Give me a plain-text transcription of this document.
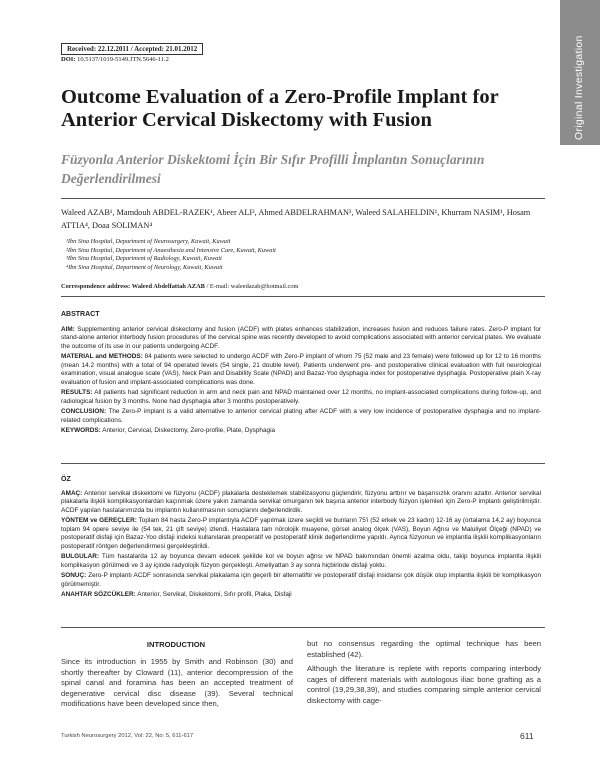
Original Investigation
Received: 22.12.2011 / Accepted: 21.01.2012
DOI: 10.5137/1019-5149.JTN.5646-11.2
Outcome Evaluation of a Zero-Profile Implant for Anterior Cervical Diskectomy with Fusion
Füzyonla Anterior Diskektomi İçin Bir Sıfır Profilli İmplantın Sonuçlarının Değerlendirilmesi
Waleed AZAB¹, Mamdouh ABDEL-RAZEK¹, Abeer ALI², Ahmed ABDELRAHMAN³, Waleed SALAHELDIN¹, Khurram NASIM¹, Hosam ATTIA⁴, Doaa SOLIMAN⁴
¹Ibn Sina Hospital, Department of Neurosurgery, Kuwait, Kuwait
²Ibn Sina Hospital, Department of Anaesthesia and Intensive Care, Kuwait, Kuwait
³Ibn Sina Hospital, Department of Radiology, Kuwait, Kuwait
⁴Ibn Sina Hospital, Department of Neurology, Kuwait, Kuwait
Correspondence address: Waleed Abdelfattah AZAB / E-mail: waleedazab@hotmail.com
ABSTRACT

AIM: Supplementing anterior cervical diskectomy and fusion (ACDF) with plates enhances stabilization, increases fusion and reduces failure rates. Zero-P implant for stand-alone anterior interbody fusion procedures of the cervical spine was recently developed to avoid complications associated with anterior cervical plates. We evaluate the outcome of its use in our patients undergoing ACDF.

MATERIAL and METHODS: 84 patients were selected to undergo ACDF with Zero-P implant of whom 75 (52 male and 23 female) were followed up for 12 to 16 months (mean 14.2 months) with a total of 94 operated levels (54 single, 21 double level). Patients underwent pre- and postoperative clinical evaluation with full neurological examination, visual analogue scale (VAS), Neck Pain and Disability Scale (NPAD) and Bazaz-Yoo dysphagia index for postoperative dysphagia. Postoperative plain X-ray evaluation of fusion and implant-associated complications was done.

RESULTS: All patients had significant reduction in arm and neck pain and NPAD maintained over 12 months, no implant-associated complications during follow-up, and radiological fusion by 3 months. None had dysphagia after 3 months postoperatively.

CONCLUSION: The Zero-P implant is a valid alternative to anterior cervical plating after ACDF with a very low incidence of postoperative dysphagia and no implant-related complications.

KEYWORDS: Anterior, Cervical, Diskectomy, Zero-profile, Plate, Dysphagia

ÖZ

AMAÇ: Anterior servikal diskektomi ve füzyonu (ACDF) plakalarla desteklemek stabilizasyonu güçlendirir, füzyonu arttırır ve başarısızlık oranını azaltır. Anterior servikal plakalarla ilişkili komplikasyonlardan kaçınmak üzere yakın zamanda servikal omurganın tek başına anterior interbody füzyon işlemleri için Zero-P implantı geliştirilmiştir. ACDF yapılan hastalarımızda bu implantın kullanılmasının sonuçlarını değerlendirdik.

YÖNTEM ve GEREÇLER: Toplam 84 hasta Zero-P implantıyla ACDF yapılmak üzere seçildi ve bunların 75'i (52 erkek ve 23 kadın) 12-16 ay (ortalama 14,2 ay) boyunca toplam 94 opere seviye ile (54 tek, 21 çift seviye) izlendi. Hastalara tam nörolojik muayene, görsel analog ölçek (VAS), Boyun Ağrısı ve Maluliyet Ölçeği (NPAD) ve postoperatif disfaji için Bazaz-Yoo disfaji indeksi kullanılarak preoperatif ve postoperatif klinik değerlendirme yapıldı. Ayrıca füzyonun ve implantla ilişkili komplikasyonların postoperatif röntgen değerlendirmesi gerçekleştirildi.

BULGULAR: Tüm hastalarda 12 ay boyunca devam edecek şekilde kol ve boyun ağrısı ve NPAD bakımından önemli azalma oldu, takip boyunca implantla ilişkili komplikasyon görülmedi ve 3 ay içinde radyolojik füzyon gerçekleşti. Ameliyattan 3 ay sonra hiçbirinde disfaji yoktu.

SONUÇ: Zero-P implantı ACDF sonrasında servikal plakalama için geçerli bir alternatiftir ve postoperatif disfaji insidansı çok düşük olup implantla ilişkili bir komplikasyon görülmemiştir.

ANAHTAR SÖZCÜKLER: Anterior, Servikal, Diskektomi, Sıfır profil, Plaka, Disfaji

INTRODUCTION

Since its introduction in 1955 by Smith and Robinson (30) and shortly thereafter by Cloward (11), anterior decompression of the spinal canal and foramina has been an accepted treatment of degenerative cervical disc disease (39). Several technical modifications have been developed since then,

but no consensus regarding the optimal technique has been established (42).

Although the literature is replete with reports comparing interbody cages of different materials with autologous iliac bone grafting as a control (19,29,38,39), and studies comparing simple anterior cervical diskectomy with cage-

Turkish Neurosurgery 2012, Vol: 22, No: 5, 611-617	611
